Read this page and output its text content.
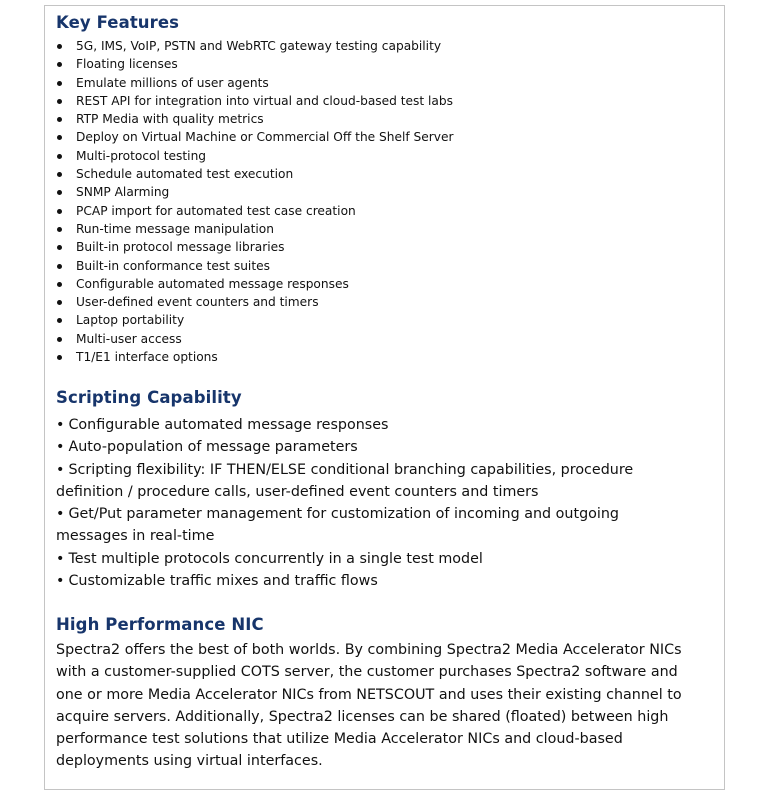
Key Features
5G, IMS, VoIP, PSTN and WebRTC gateway testing capability
Floating licenses
Emulate millions of user agents
REST API for integration into virtual and cloud-based test labs
RTP Media with quality metrics
Deploy on Virtual Machine or Commercial Off the Shelf Server
Multi-protocol testing
Schedule automated test execution
SNMP Alarming
PCAP import for automated test case creation
Run-time message manipulation
Built-in protocol message libraries
Built-in conformance test suites
Configurable automated message responses
User-defined event counters and timers
Laptop portability
Multi-user access
T1/E1 interface options
Scripting Capability
• Configurable automated message responses
• Auto-population of message parameters
• Scripting flexibility: IF THEN/ELSE conditional branching capabilities, procedure definition / procedure calls, user-defined event counters and timers
• Get/Put parameter management for customization of incoming and outgoing messages in real-time
• Test multiple protocols concurrently in a single test model
• Customizable traffic mixes and traffic flows
High Performance NIC

Spectra2 offers the best of both worlds. By combining Spectra2 Media Accelerator NICs with a customer-supplied COTS server, the customer purchases Spectra2 software and one or more Media Accelerator NICs from NETSCOUT and uses their existing channel to acquire servers. Additionally, Spectra2 licenses can be shared (floated) between high performance test solutions that utilize Media Accelerator NICs and cloud-based deployments using virtual interfaces.
